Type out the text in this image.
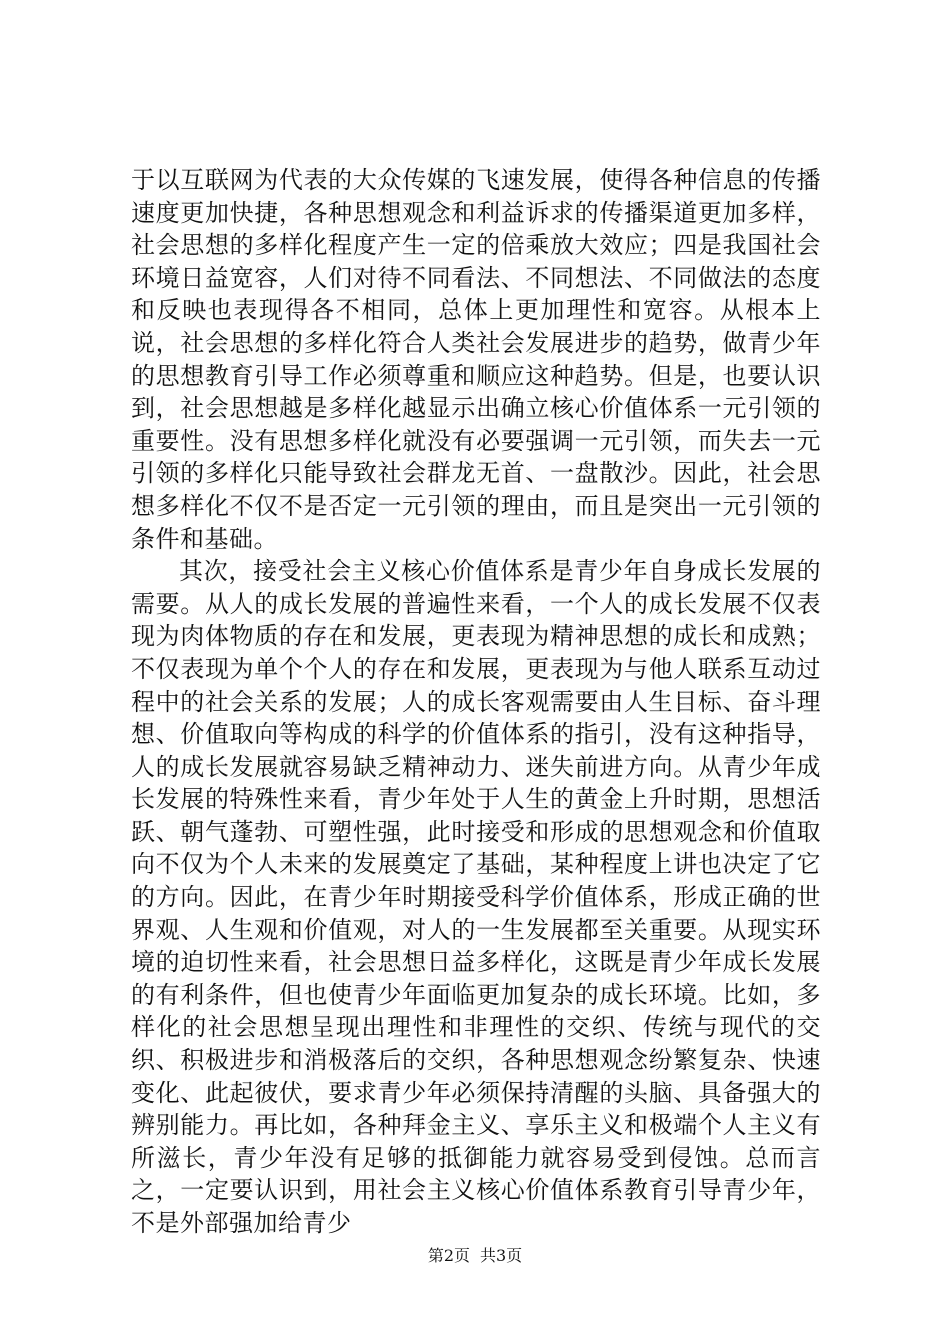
于以互联网为代表的大众传媒的飞速发展，使得各种信息的传播速度更加快捷，各种思想观念和利益诉求的传播渠道更加多样，社会思想的多样化程度产生一定的倍乘放大效应；四是我国社会环境日益宽容，人们对待不同看法、不同想法、不同做法的态度和反映也表现得各不相同，总体上更加理性和宽容。从根本上说，社会思想的多样化符合人类社会发展进步的趋势，做青少年的思想教育引导工作必须尊重和顺应这种趋势。但是，也要认识到，社会思想越是多样化越显示出确立核心价值体系一元引领的重要性。没有思想多样化就没有必要强调一元引领，而失去一元引领的多样化只能导致社会群龙无首、一盘散沙。因此，社会思想多样化不仅不是否定一元引领的理由，而且是突出一元引领的条件和基础。

其次，接受社会主义核心价值体系是青少年自身成长发展的需要。从人的成长发展的普遍性来看，一个人的成长发展不仅表现为肉体物质的存在和发展，更表现为精神思想的成长和成熟；不仅表现为单个个人的存在和发展，更表现为与他人联系互动过程中的社会关系的发展；人的成长客观需要由人生目标、奋斗理想、价值取向等构成的科学的价值体系的指引，没有这种指导，人的成长发展就容易缺乏精神动力、迷失前进方向。从青少年成长发展的特殊性来看，青少年处于人生的黄金上升时期，思想活跃、朝气蓬勃、可塑性强，此时接受和形成的思想观念和价值取向不仅为个人未来的发展奠定了基础，某种程度上讲也决定了它的方向。因此，在青少年时期接受科学价值体系，形成正确的世界观、人生观和价值观，对人的一生发展都至关重要。从现实环境的迫切性来看，社会思想日益多样化，这既是青少年成长发展的有利条件，但也使青少年面临更加复杂的成长环境。比如，多样化的社会思想呈现出理性和非理性的交织、传统与现代的交织、积极进步和消极落后的交织，各种思想观念纷繁复杂、快速变化、此起彼伏，要求青少年必须保持清醒的头脑、具备强大的辨别能力。再比如，各种拜金主义、享乐主义和极端个人主义有所滋长，青少年没有足够的抵御能力就容易受到侵蚀。总而言之，一定要认识到，用社会主义核心价值体系教育引导青少年，不是外部强加给青少

第2页 共3页
